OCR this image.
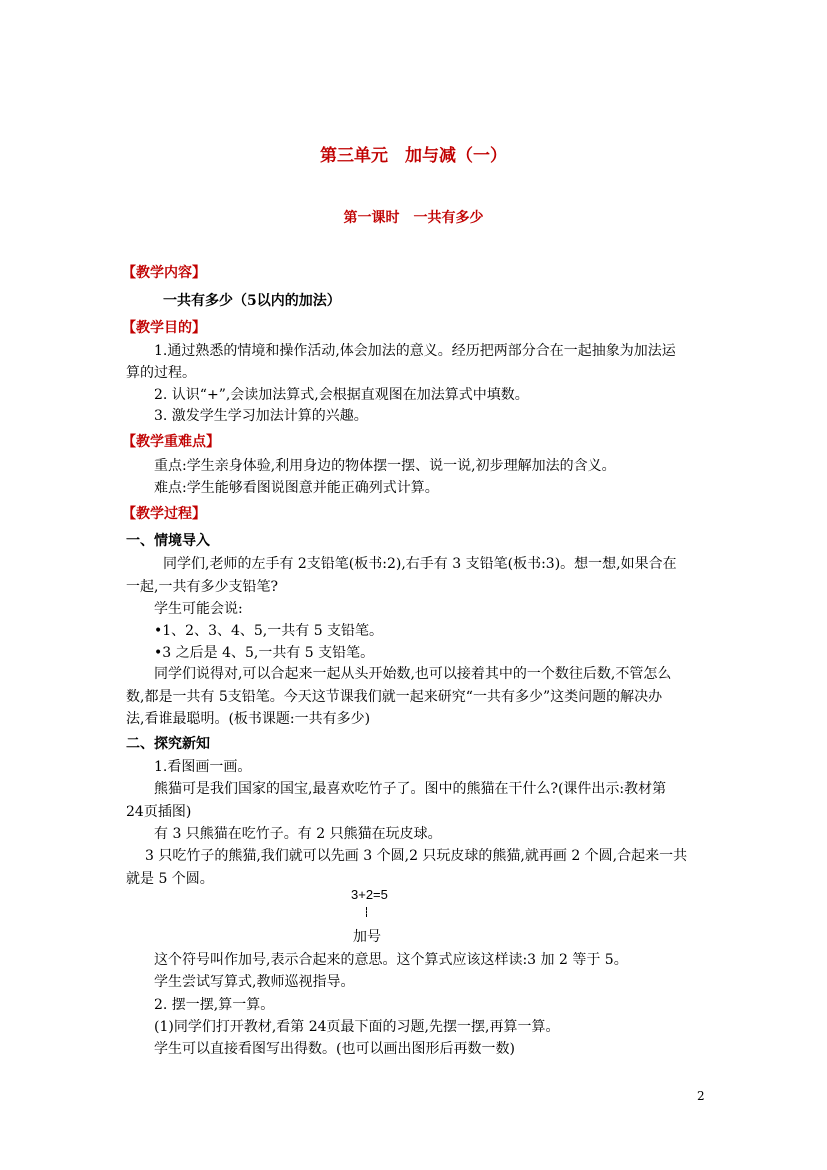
第三单元　加与减（一）
第一课时　一共有多少
【教学内容】
一共有多少（5以内的加法）
【教学目的】
1.通过熟悉的情境和操作活动,体会加法的意义。经历把两部分合在一起抽象为加法运
算的过程。
2. 认识“+”,会读加法算式,会根据直观图在加法算式中填数。
3. 激发学生学习加法计算的兴趣。
【教学重难点】
重点:学生亲身体验,利用身边的物体摆一摆、说一说,初步理解加法的含义。
难点:学生能够看图说图意并能正确列式计算。
【教学过程】
一、情境导入
同学们,老师的左手有 2支铅笔(板书:2),右手有 3 支铅笔(板书:3)。想一想,如果合在
一起,一共有多少支铅笔?
学生可能会说:
•1、2、3、4、5,一共有 5 支铅笔。
•3 之后是 4、5,一共有 5 支铅笔。
同学们说得对,可以合起来一起从头开始数,也可以接着其中的一个数往后数,不管怎么
数,都是一共有 5支铅笔。今天这节课我们就一起来研究“一共有多少”这类问题的解决办
法,看谁最聪明。(板书课题:一共有多少)
二、探究新知
1.看图画一画。
熊猫可是我们国家的国宝,最喜欢吃竹子了。图中的熊猫在干什么?(课件出示:教材第
24页插图)
有 3 只熊猫在吃竹子。有 2 只熊猫在玩皮球。
3 只吃竹子的熊猫,我们就可以先画 3 个圆,2 只玩皮球的熊猫,就再画 2 个圆,合起来一共
就是 5 个圆。
3+2=5
加号
这个符号叫作加号,表示合起来的意思。这个算式应该这样读:3 加 2 等于 5。
学生尝试写算式,教师巡视指导。
2. 摆一摆,算一算。
(1)同学们打开教材,看第 24页最下面的习题,先摆一摆,再算一算。
学生可以直接看图写出得数。(也可以画出图形后再数一数)
2
